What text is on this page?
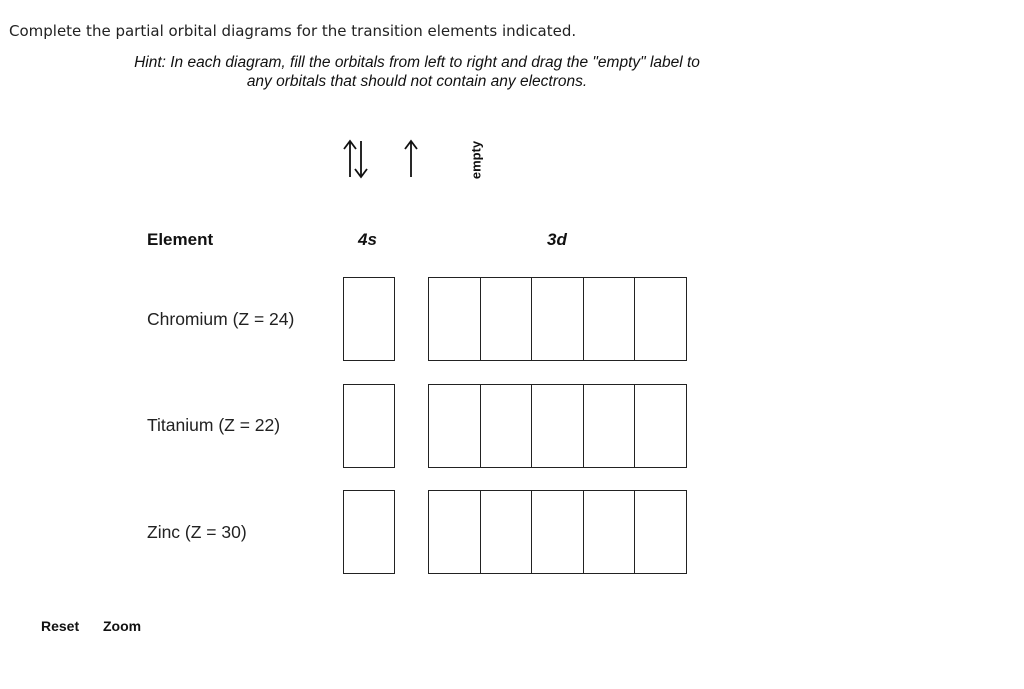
Complete the partial orbital diagrams for the transition elements indicated.
Hint: In each diagram, fill the orbitals from left to right and drag the "empty" label to
any orbitals that should not contain any electrons.
empty
Element	4s	3d
Chromium (Z = 24)
Titanium (Z = 22)
Zinc (Z = 30)
Reset Zoom
